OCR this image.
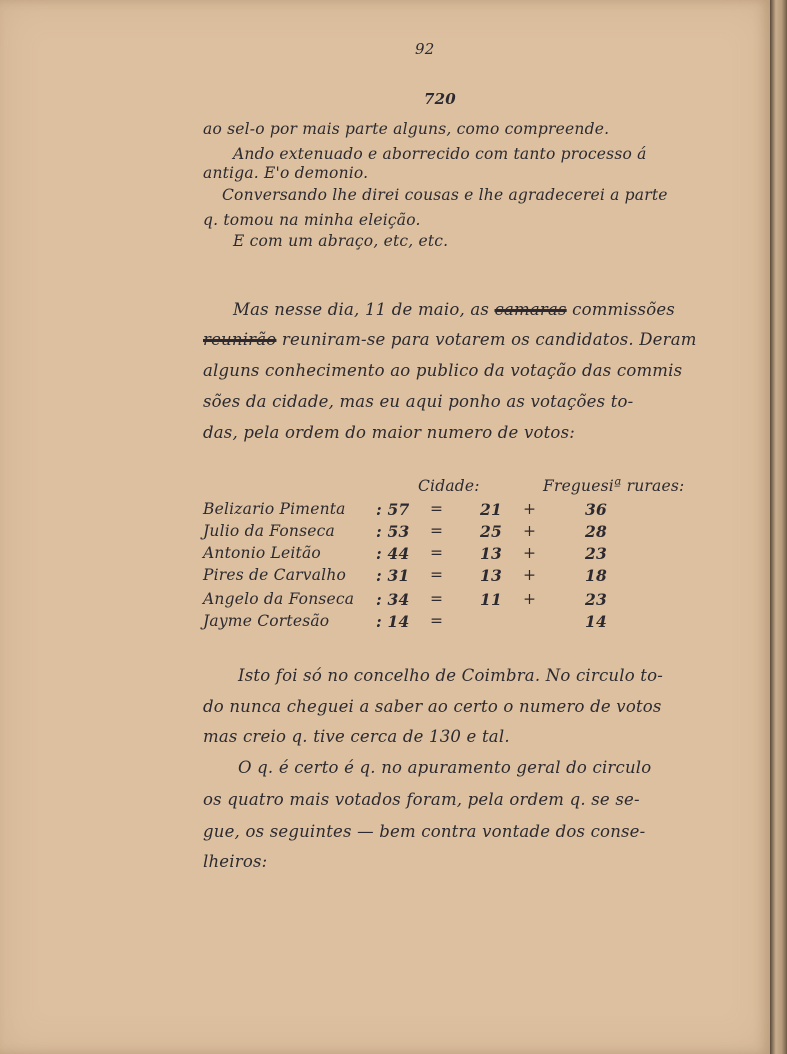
92
720
ao sel-o por mais parte alguns, como compreende.
Ando extenuado e aborrecido com tanto processo á
antiga. E'o demonio.
Conversando lhe direi cousas e lhe agradecerei a parte
q. tomou na minha eleição.
E com um abraço, etc, etc.
Mas nesse dia, 11 de maio, as camaras commissões
reunirão reuniram-se para votarem os candidatos. Deram
alguns conhecimento ao publico da votação das commis
sões da cidade, mas eu aqui ponho as votações to-
das, pela ordem do maior numero de votos:
Cidade:	Freguesiª ruraes:
Belizario Pimenta : 57 = 21 +	36
Julio da Fonseca	: 53 = 25 +	28
Antonio Leitão	: 44 = 13 +	23
Pires de Carvalho : 31 = 13 +	18
Angelo da Fonseca : 34 = 11 +	23
Jayme Cortesão	: 14 =	14
Isto foi só no concelho de Coimbra. No circulo to-
do nunca cheguei a saber ao certo o numero de votos
mas creio q. tive cerca de 130 e tal.
O q. é certo é q. no apuramento geral do circulo
os quatro mais votados foram, pela ordem q. se se-
gue, os seguintes — bem contra vontade dos conse-
lheiros:
